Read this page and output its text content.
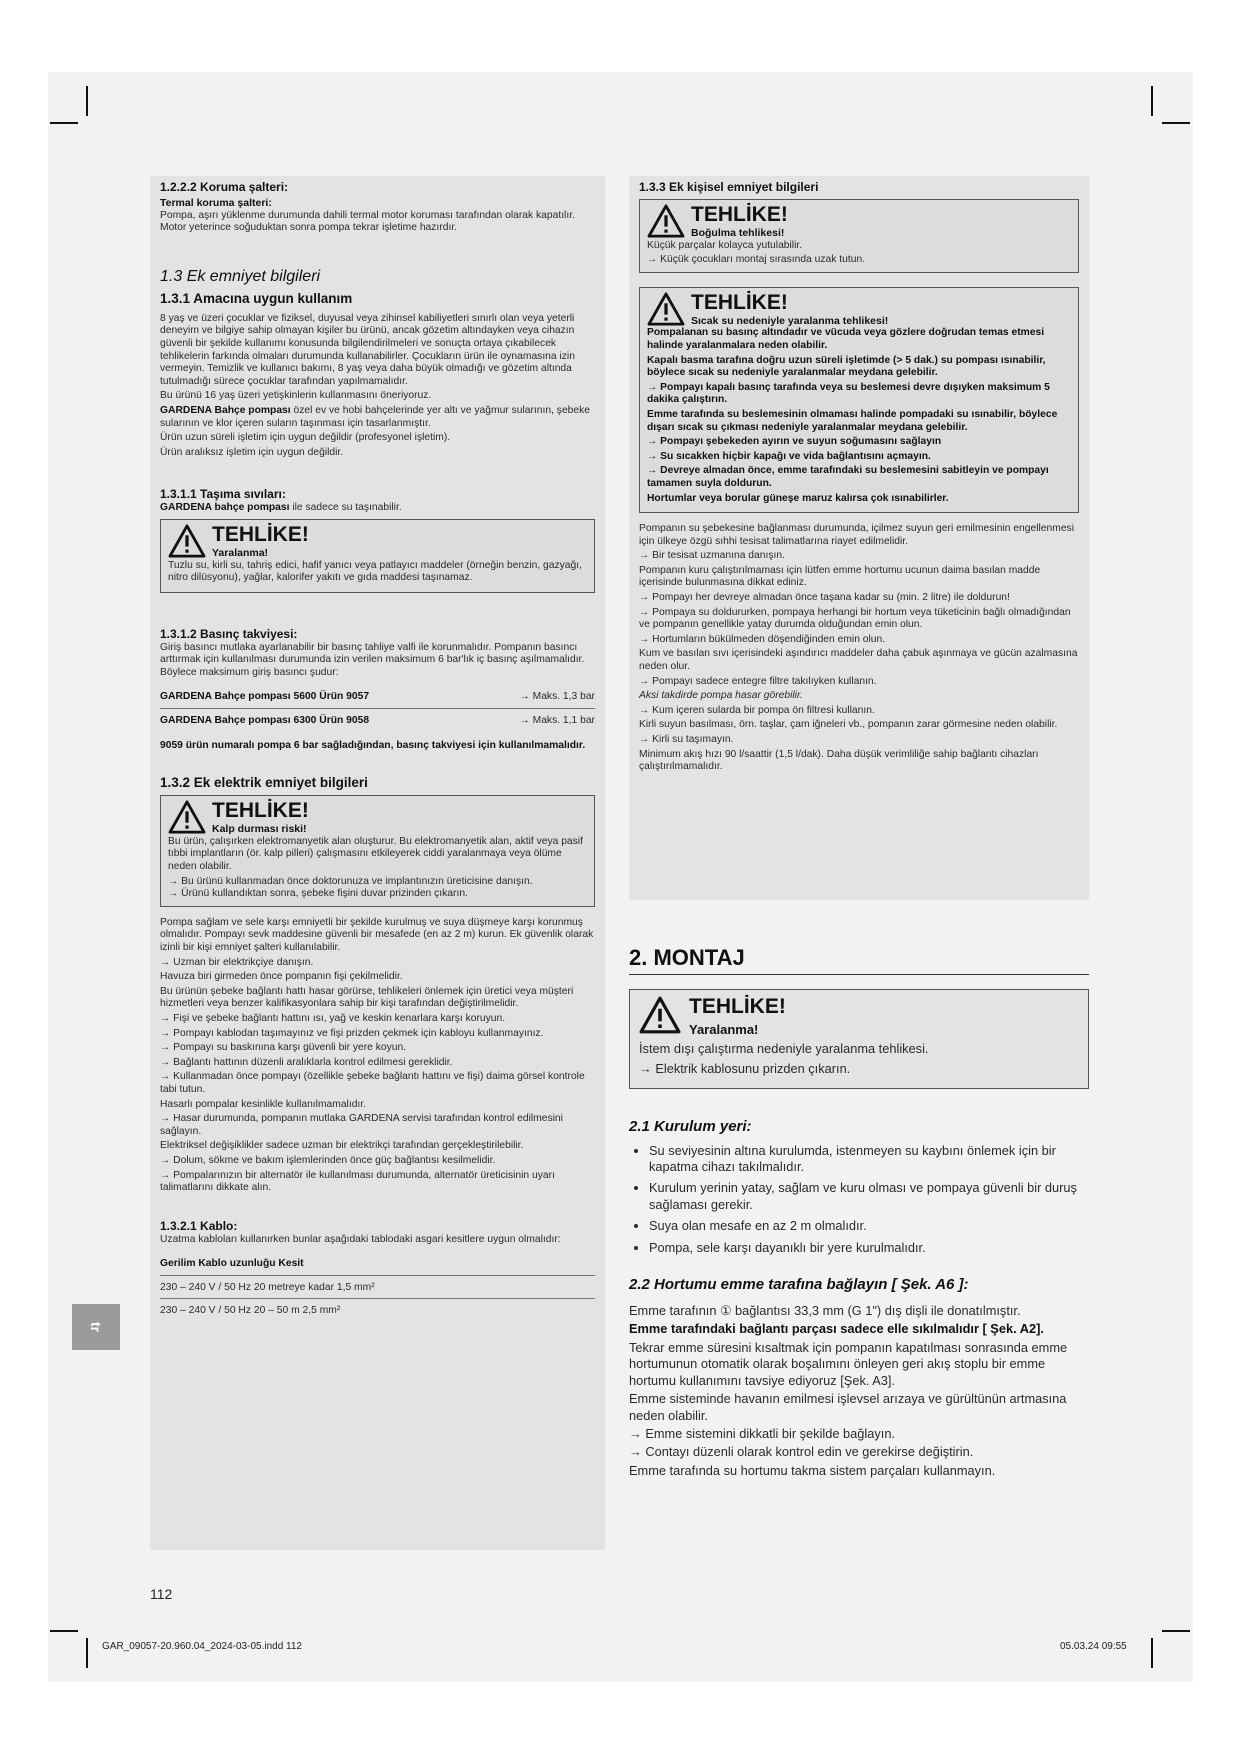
1.2.2.2 Koruma şalteri:
Termal koruma şalteri:

Pompa, aşırı yüklenme durumunda dahili termal motor koruması tarafından olarak kapatılır. Motor yeterince soğuduktan sonra pompa tekrar işletime hazırdır.

1.3 Ek emniyet bilgileri
1.3.1 Amacına uygun kullanım

8 yaş ve üzeri çocuklar ve fiziksel, duyusal veya zihinsel kabiliyetleri sınırlı olan veya yeterli deneyim ve bilgiye sahip olmayan kişiler bu ürünü, ancak gözetim altındayken veya cihazın güvenli bir şekilde kullanımı konusunda bilgilendirilmeleri ve sonuçta ortaya çıkabilecek tehlikelerin farkında olmaları durumunda kullanabilirler. Çocukların ürün ile oynamasına izin vermeyin. Temizlik ve kullanıcı bakımı, 8 yaş veya daha büyük olmadığı ve gözetim altında tutulmadığı sürece çocuklar tarafından yapılmamalıdır.

Bu ürünü 16 yaş üzeri yetişkinlerin kullanmasını öneriyoruz.

GARDENA Bahçe pompası özel ev ve hobi bahçelerinde yer altı ve yağmur sularının, şebeke sularının ve klor içeren suların taşınması için tasarlanmıştır.

Ürün uzun süreli işletim için uygun değildir (profesyonel işletim).

Ürün aralıksız işletim için uygun değildir.

1.3.1.1 Taşıma sıvıları:

GARDENA bahçe pompası ile sadece su taşınabilir.

TEHLİKE!
Yaralanma!

Tuzlu su, kirli su, tahriş edici, hafif yanıcı veya patlayıcı maddeler (örneğin benzin, gazyağı, nitro dilüsyonu), yağlar, kalorifer yakıtı ve gıda maddesi taşınamaz.

1.3.1.2 Basınç takviyesi:

Giriş basıncı mutlaka ayarlanabilir bir basınç tahliye valfi ile korunmalıdır. Pompanın basıncı arttırmak için kullanılması durumunda izin verilen maksimum 6 bar'lık iç basınç aşılmamalıdır. Böylece maksimum giriş basıncı şudur:

GARDENA Bahçe pompası 5600 Ürün 9057	→ Maks. 1,3 bar
GARDENA Bahçe pompası 6300 Ürün 9058	→ Maks. 1,1 bar

9059 ürün numaralı pompa 6 bar sağladığından, basınç takviyesi için kullanılmamalıdır.

1.3.2 Ek elektrik emniyet bilgileri
TEHLİKE!
Kalp durması riski!

Bu ürün, çalışırken elektromanyetik alan oluşturur. Bu elektromanyetik alan, aktif veya pasif tıbbi implantların (ör. kalp pilleri) çalışmasını etkileyerek ciddi yaralanmaya veya ölüme neden olabilir.

→ Bu ürünü kullanmadan önce doktorunuza ve implantınızın üreticisine danışın.

→ Ürünü kullandıktan sonra, şebeke fişini duvar prizinden çıkarın.

Pompa sağlam ve sele karşı emniyetli bir şekilde kurulmuş ve suya düşmeye karşı korunmuş olmalıdır. Pompayı sevk maddesine güvenli bir mesafede (en az 2 m) kurun. Ek güvenlik olarak izinli bir kişi emniyet şalteri kullanılabilir.

→ Uzman bir elektrikçiye danışın.

Havuza biri girmeden önce pompanın fişi çekilmelidir.

Bu ürünün şebeke bağlantı hattı hasar görürse, tehlikeleri önlemek için üretici veya müşteri hizmetleri veya benzer kalifikasyonlara sahip bir kişi tarafından değiştirilmelidir.

→ Fişi ve şebeke bağlantı hattını ısı, yağ ve keskin kenarlara karşı koruyun.

→ Pompayı kablodan taşımayınız ve fişi prizden çekmek için kabloyu kullanmayınız.

→ Pompayı su baskınına karşı güvenli bir yere koyun.

→ Bağlantı hattının düzenli aralıklarla kontrol edilmesi gereklidir.

→ Kullanmadan önce pompayı (özellikle şebeke bağlantı hattını ve fişi) daima görsel kontrole tabi tutun.

Hasarlı pompalar kesinlikle kullanılmamalıdır.

→ Hasar durumunda, pompanın mutlaka GARDENA servisi tarafından kontrol edilmesini sağlayın.

Elektriksel değişiklikler sadece uzman bir elektrikçi tarafından gerçekleştirilebilir.

→ Dolum, sökme ve bakım işlemlerinden önce güç bağlantısı kesilmelidir.

→ Pompalarınızın bir alternatör ile kullanılması durumunda, alternatör üreticisinin uyarı talimatlarını dikkate alın.

1.3.2.1 Kablo:

Uzatma kabloları kullanırken bunlar aşağıdaki tablodaki asgari kesitlere uygun olmalıdır:

Gerilim Kablo uzunluğu Kesit
230 – 240 V / 50 Hz 20 metreye kadar 1,5 mm²
230 – 240 V / 50 Hz 20 – 50 m 2,5 mm²
1.3.3 Ek kişisel emniyet bilgileri
TEHLİKE!
Boğulma tehlikesi!

Küçük parçalar kolayca yutulabilir.

→ Küçük çocukları montaj sırasında uzak tutun.

TEHLİKE!
Sıcak su nedeniyle yaralanma tehlikesi!

Pompalanan su basınç altındadır ve vücuda veya gözlere doğrudan temas etmesi halinde yaralanmalara neden olabilir.

Kapalı basma tarafına doğru uzun süreli işletimde (> 5 dak.) su pompası ısınabilir, böylece sıcak su nedeniyle yaralanmalar meydana gelebilir.

→ Pompayı kapalı basınç tarafında veya su beslemesi devre dışıyken maksimum 5 dakika çalıştırın.

Emme tarafında su beslemesinin olmaması halinde pompadaki su ısınabilir, böylece dışarı sıcak su çıkması nedeniyle yaralanmalar meydana gelebilir.

→ Pompayı şebekeden ayırın ve suyun soğumasını sağlayın

→ Su sıcakken hiçbir kapağı ve vida bağlantısını açmayın.

→ Devreye almadan önce, emme tarafındaki su beslemesini sabitleyin ve pompayı tamamen suyla doldurun.

Hortumlar veya borular güneşe maruz kalırsa çok ısınabilirler.

Pompanın su şebekesine bağlanması durumunda, içilmez suyun geri emilmesinin engellenmesi için ülkeye özgü sıhhi tesisat talimatlarına riayet edilmelidir.

→ Bir tesisat uzmanına danışın.

Pompanın kuru çalıştırılmaması için lütfen emme hortumu ucunun daima basılan madde içerisinde bulunmasına dikkat ediniz.

→ Pompayı her devreye almadan önce taşana kadar su (min. 2 litre) ile doldurun!

→ Pompaya su doldururken, pompaya herhangi bir hortum veya tüketicinin bağlı olmadığından ve pompanın genellikle yatay durumda olduğundan emin olun.

→ Hortumların bükülmeden döşendiğinden emin olun.

Kum ve basılan sıvı içerisindeki aşındırıcı maddeler daha çabuk aşınmaya ve gücün azalmasına neden olur.

→ Pompayı sadece entegre filtre takılıyken kullanın.

Aksi takdirde pompa hasar görebilir.

→ Kum içeren sularda bir pompa ön filtresi kullanın.

Kirli suyun basılması, örn. taşlar, çam iğneleri vb., pompanın zarar görmesine neden olabilir.

→ Kirli su taşımayın.

Minimum akış hızı 90 l/saattir (1,5 l/dak). Daha düşük verimliliğe sahip bağlantı cihazları çalıştırılmamalıdır.

2. MONTAJ
TEHLİKE!
Yaralanma!

İstem dışı çalıştırma nedeniyle yaralanma tehlikesi.

→ Elektrik kablosunu prizden çıkarın.

2.1 Kurulum yeri:
• Su seviyesinin altına kurulumda, istenmeyen su kaybını önlemek için bir kapatma cihazı takılmalıdır.
• Kurulum yerinin yatay, sağlam ve kuru olması ve pompaya güvenli bir duruş sağlaması gerekir.
• Suya olan mesafe en az 2 m olmalıdır.
• Pompa, sele karşı dayanıklı bir yere kurulmalıdır.
2.2 Hortumu emme tarafına bağlayın [ Şek. A6 ]:

Emme tarafının ① bağlantısı 33,3 mm (G 1") dış dişli ile donatılmıştır.

Emme tarafındaki bağlantı parçası sadece elle sıkılmalıdır [ Şek. A2].

Tekrar emme süresini kısaltmak için pompanın kapatılması sonrasında emme hortumunun otomatik olarak boşalımını önleyen geri akış stoplu bir emme hortumu kullanımını tavsiye ediyoruz [Şek. A3].

Emme sisteminde havanın emilmesi işlevsel arızaya ve gürültünün artmasına neden olabilir.

→ Emme sistemini dikkatli bir şekilde bağlayın.

→ Contayı düzenli olarak kontrol edin ve gerekirse değiştirin.

Emme tarafında su hortumu takma sistem parçaları kullanmayın.

tr
112
GAR_09057-20.960.04_2024-03-05.indd 112	05.03.24 09:55
